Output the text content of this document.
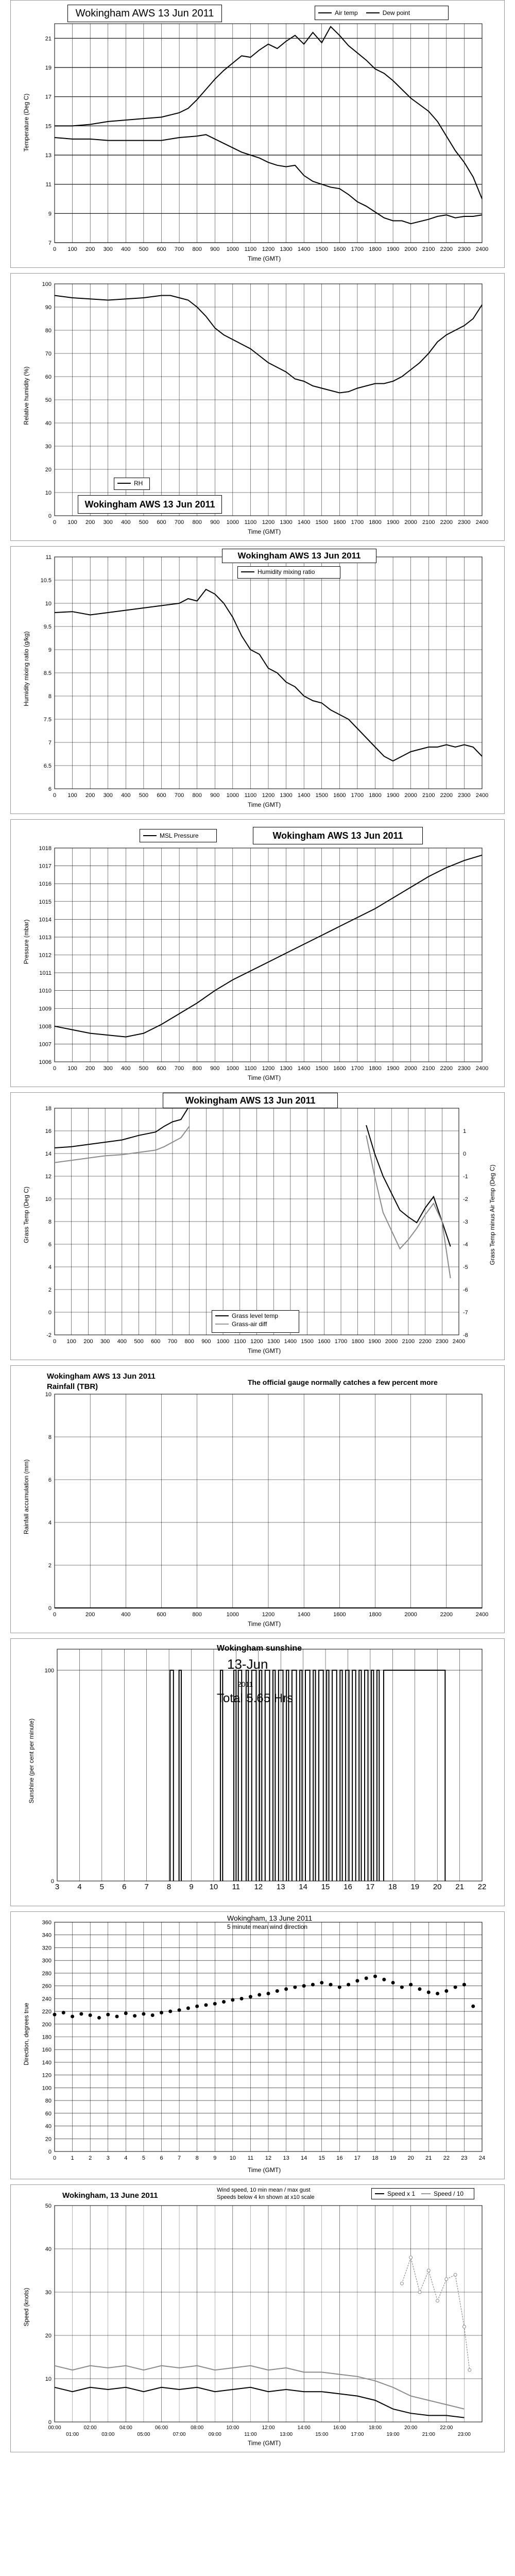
7
9
11
13
15
17
19
21
0 100 200 300 400 500 600 700 800 900 1000 1100 1200 1300 1400 1500 1600 1700 1800 1900 2000 2100 2200 2300 2400
Wokingham AWS 13 Jun 2011	Air temp	Dew point
Temperature (Deg C)
Time (GMT)
0
10
20
30
40
50
60
70
80
90
100
0 100 200 300 400 500 600 700 800 900 1000 1100 1200 1300 1400 1500 1600 1700 1800 1900 2000 2100 2200 2300 2400
RH
Wokingham AWS 13 Jun 2011
Relative humidity (%)
Time (GMT)
6
6.5
7
7.5
8
8.5
9
9.5
10
10.5
11
0 100 200 300 400 500 600 700 800 900 1000 1100 1200 1300 1400 1500 1600 1700 1800 1900 2000 2100 2200 2300 2400
Wokingham AWS 13 Jun 2011
Humidity mixing ratio
Humidity mixing ratio (g/kg)
Time (GMT)
1006
1007
1008
1009
1010
1011
1012
1013
1014
1015
1016
1017
1018
0 100 200 300 400 500 600 700 800 900 1000 1100 1200 1300 1400 1500 1600 1700 1800 1900 2000 2100 2200 2300 2400
MSL Pressure	Wokingham AWS 13 Jun 2011
Pressure (mbar)
Time (GMT)
-2
0
2
4
6
8
10
12
14
16
18
-8
-7
-6
-5
-4
-3
-2
-1
0
1
0 100 200 300 400 500 600 700 800 900 1000 1100 1200 1300 1400 1500 1600 1700 1800 1900 2000 2100 2200 2300 2400
Wokingham AWS 13 Jun 2011
Grass level temp
Grass-air diff
Grass Temp (Deg C)	Grass Temp minus Air Temp (Deg C)
Time (GMT)
0
2
4
6
8
10
0	200	400	600	800	1000	1200	1400	1600	1800	2000	2200	2400
Wokingham AWS 13 Jun 2011
Rainfall (TBR)	The official gauge normally catches a few percent more
Rainfall accumulation (mm)
Time (GMT)
0
100
3 4 5 6 7 8 9 10 11 12 13 14 15 16 17 18 19 20 21 22
Wokingham sunshine
13-Jun
2011
Total 5.65 Hrs
Sunshine (per cent per minute)
0
20
40
60
80
100
120
140
160
180
200
220
240
260
280
300
320
340
360
0	1	2	3	4	5	6	7	8	9 10 11 12 13 14 15 16 17 18 19 20 21 22 23 24
Wokingham, 13 June 2011
5 minute mean wind direction
Direction, degrees true
Time (GMT)
0
10
20
30
40
50
00:00	02:00	04:00	06:00	08:00	10:00	12:00	14:00	16:00	18:00	20:00	22:00
01:00	03:00	05:00	07:00	09:00	11:00	13:00	15:00	17:00	19:00	21:00	23:00
Wokingham, 13 June 2011
Wind speed, 10 min mean / max gust
Speeds below 4 kn shown at x10 scale	Speed x 1	Speed / 10
Speed (knots)
Time (GMT)
